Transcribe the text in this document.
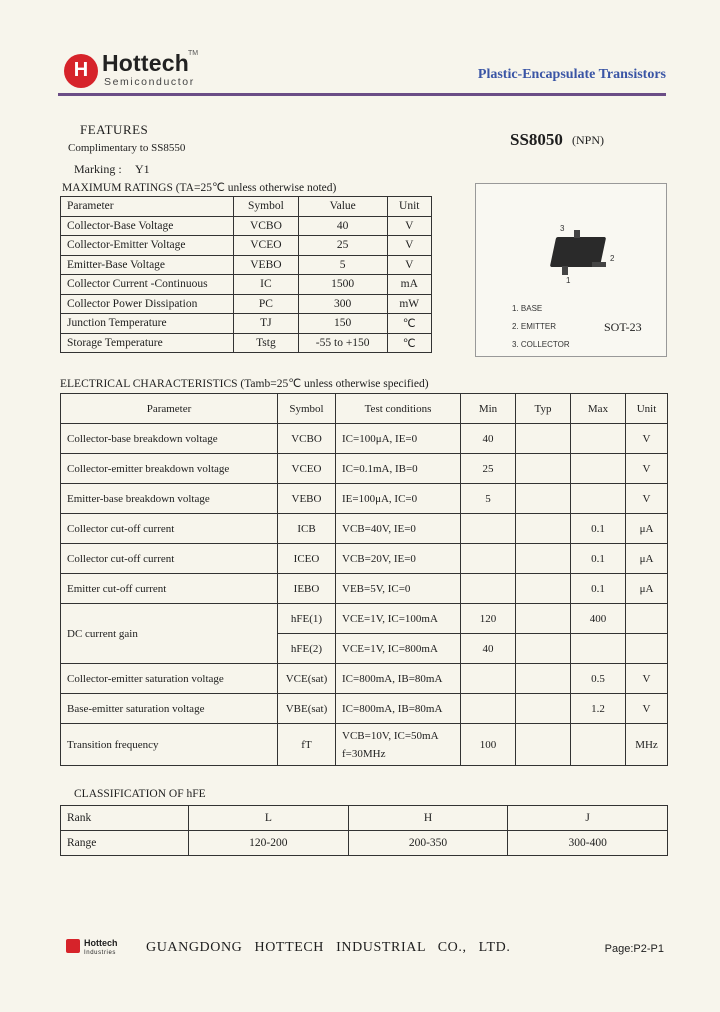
H Hottech
TM
Semiconductor	Plastic-Encapsulate Transistors
FEATURES
Complimentary to SS8550
Marking : Y1
SS8050 (NPN)
MAXIMUM RATINGS (TA=25℃ unless otherwise noted)
Parameter	Symbol	Value	Unit
Collector-Base Voltage	VCBO	40	V
Collector-Emitter Voltage	VCEO	25	V
Emitter-Base Voltage	VEBO	5	V
Collector Current -Continuous	IC	1500	mA
Collector Power Dissipation	PC	300	mW
Junction Temperature	TJ	150	℃
Storage Temperature	Tstg	-55 to +150	℃
3
2
1
1. BASE
2. EMITTER
3. COLLECTOR
SOT-23
ELECTRICAL CHARACTERISTICS (Tamb=25℃ unless otherwise specified)
Parameter	Symbol	Test conditions	Min	Typ	Max	Unit
Collector-base breakdown voltage	VCBO	IC=100μA, IE=0	40			V
Collector-emitter breakdown voltage	VCEO	IC=0.1mA, IB=0	25			V
Emitter-base breakdown voltage	VEBO	IE=100μA, IC=0	5			V
Collector cut-off current	ICB	VCB=40V, IE=0			0.1	μA
Collector cut-off current	ICEO	VCB=20V, IE=0			0.1	μA
Emitter cut-off current	IEBO	VEB=5V, IC=0			0.1	μA
DC current gain	hFE(1)	VCE=1V, IC=100mA	120		400	
	hFE(2)	VCE=1V, IC=800mA	40			
Collector-emitter saturation voltage	VCE(sat)	IC=800mA, IB=80mA			0.5	V
Base-emitter saturation voltage	VBE(sat)	IC=800mA, IB=80mA			1.2	V
Transition frequency	fT	VCB=10V, IC=50mA
f=30MHz	100			MHz
CLASSIFICATION OF hFE
Rank	L	H	J
Range	120-200	200-350	300-400
Hottech
Industries GUANGDONG HOTTECH INDUSTRIAL CO., LTD.	Page:P2-P1
